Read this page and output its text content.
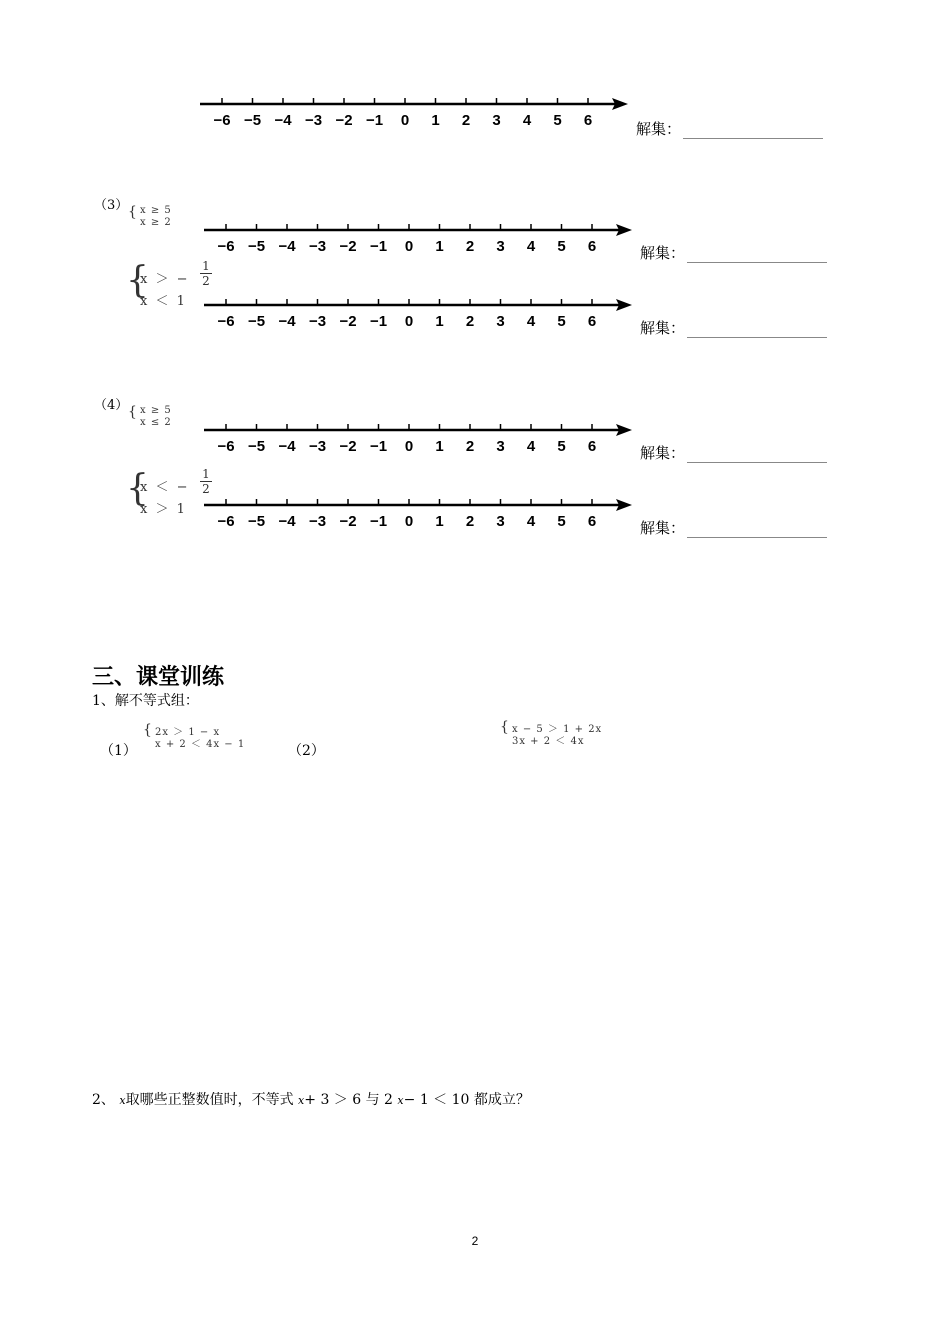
−6 −5 −4 −3 −2 −1 0 1 2 3 4 5 6	解集：
（3） { x ≥ 5
x ≥ 2
−6 −5 −4 −3 −2 −1 0 1 2 3 4 5 6	解集：
{
x ＞ −
1
2
x ＜ 1
−6 −5 −4 −3 −2 −1 0 1 2 3 4 5 6	解集：
（4） { x ≥ 5
x ≤ 2
−6 −5 −4 −3 −2 −1 0 1 2 3 4 5 6	解集：
{
x ＜ −
1
2
x ＞ 1
−6 −5 −4 −3 −2 −1 0 1 2 3 4 5 6	解集：
三、课堂训练
1、解不等式组：
（1）
{ 2x ＞ 1 − x
x + 2 ＜ 4x − 1	（2）
{ x − 5 ＞ 1 + 2x
3x + 2 ＜ 4x
2、 x取哪些正整数值时，不等式 x+ 3 ＞ 6 与 2 x− 1 ＜ 10 都成立？
2
